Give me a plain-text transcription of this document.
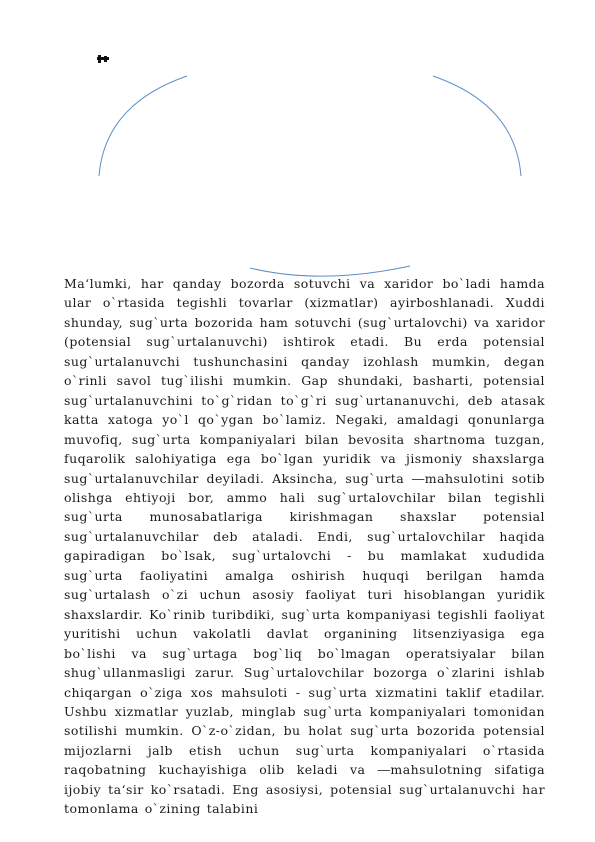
Ma‘lumki, har qanday bozorda sotuvchi va xaridor bo`ladi hamda ular o`rtasida tegishli tovarlar (xizmatlar) ayirboshlanadi. Xuddi shunday, sug`urta bozorida ham sotuvchi (sug`urtalovchi) va xaridor (potensial sug`urtalanuvchi) ishtirok etadi. Bu erda potensial sug`urtalanuvchi tushunchasini qanday izohlash mumkin, degan o`rinli savol tug`ilishi mumkin. Gap shundaki, basharti, potensial sug`urtalanuvchini to`g`ridan to`g`ri sug`urtananuvchi, deb atasak katta xatoga yo`l qo`ygan bo`lamiz. Negaki, amaldagi qonunlarga muvofiq, sug`urta kompaniyalari bilan bevosita shartnoma tuzgan, fuqarolik salohiyatiga ega bo`lgan yuridik va jismoniy shaxslarga sug`urtalanuvchilar deyiladi. Aksincha, sug`urta ―mahsulotini sotib olishga ehtiyoji bor, ammo hali sug`urtalovchilar bilan tegishli sug`urta munosabatlariga kirishmagan shaxslar potensial sug`urtalanuvchilar deb ataladi. Endi, sug`urtalovchilar haqida gapiradigan bo`lsak, sug`urtalovchi - bu mamlakat xududida sug`urta faoliyatini amalga oshirish huquqi berilgan hamda sug`urtalash o`zi uchun asosiy faoliyat turi hisoblangan yuridik shaxslardir. Ko`rinib turibdiki, sug`urta kompaniyasi tegishli faoliyat yuritishi uchun vakolatli davlat organining litsenziyasiga ega bo`lishi va sug`urtaga bog`liq bo`lmagan operatsiyalar bilan shug`ullanmasligi zarur. Sug`urtalovchilar bozorga o`zlarini ishlab chiqargan o`ziga xos mahsuloti - sug`urta xizmatini taklif etadilar. Ushbu xizmatlar yuzlab, minglab sug`urta kompaniyalari tomonidan sotilishi mumkin. O`z-o`zidan, bu holat sug`urta bozorida potensial mijozlarni jalb etish uchun sug`urta kompaniyalari o`rtasida raqobatning kuchayishiga olib keladi va ―mahsulotning sifatiga ijobiy ta‘sir ko`rsatadi. Eng asosiysi, potensial sug`urtalanuvchi har tomonlama o`zining talabini
